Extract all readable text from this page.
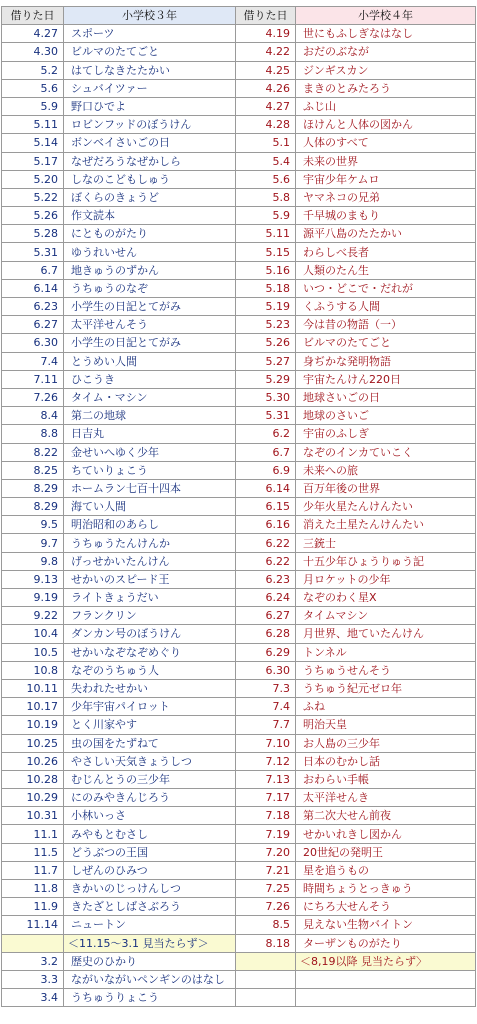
借りた日	小学校３年	借りた日	小学校４年
4.27	スポーツ	4.19	世にもふしぎなはなし
4.30	ビルマのたてごと	4.22	おだのぶなが
5.2	はてしなきたたかい	4.25	ジンギスカン
5.6	シュバイツァー	4.26	まきのとみたろう
5.9	野口ひでよ	4.27	ふじ山
5.11	ロビンフッドのぼうけん	4.28	ほけんと人体の図かん
5.14	ボンベイさいごの日	5.1	人体のすべて
5.17	なぜだろうなぜかしら	5.4	未来の世界
5.20	しなのこどもしゅう	5.6	宇宙少年ケムロ
5.22	ぼくらのきょうど	5.8	ヤマネコの兄弟
5.26	作文読本	5.9	千早城のまもり
5.28	にとものがたり	5.11	源平八島のたたかい
5.31	ゆうれいせん	5.15	わらしべ長者
6.7	地きゅうのずかん	5.16	人類のたん生
6.14	うちゅうのなぞ	5.18	いつ・どこで・だれが
6.23	小学生の日記とてがみ	5.19	くふうする人間
6.27	太平洋せんそう	5.23	今は昔の物語（一）
6.30	小学生の日記とてがみ	5.26	ビルマのたてごと
7.4	とうめい人間	5.27	身ぢかな発明物語
7.11	ひこうき	5.29	宇宙たんけん220日
7.26	タイム・マシン	5.30	地球さいごの日
8.4	第二の地球	5.31	地球のさいご
8.8	日吉丸	6.2	宇宙のふしぎ
8.22	金せいへゆく少年	6.7	なぞのインカていこく
8.25	ちていりょこう	6.9	未来への旅
8.29	ホームラン七百十四本	6.14	百万年後の世界
8.29	海てい人間	6.15	少年火星たんけんたい
9.5	明治昭和のあらし	6.16	消えた土星たんけんたい
9.7	うちゅうたんけんか	6.22	三銃士
9.8	げっせかいたんけん	6.22	十五少年ひょうりゅう記
9.13	せかいのスピード王	6.23	月ロケットの少年
9.19	ライトきょうだい	6.24	なぞのわく星X
9.22	フランクリン	6.27	タイムマシン
10.4	ダンカン号のぼうけん	6.28	月世界、地ていたんけん
10.5	せかいなぞなぞめぐり	6.29	トンネル
10.8	なぞのうちゅう人	6.30	うちゅうせんそう
10.11	失われたせかい	7.3	うちゅう紀元ゼロ年
10.17	少年宇宙パイロット	7.4	ふね
10.19	とく川家やす	7.7	明治天皇
10.25	虫の国をたずねて	7.10	お人島の三少年
10.26	やさしい天気きょうしつ	7.12	日本のむかし話
10.28	むじんとうの三少年	7.13	おわらい手帳
10.29	にのみやきんじろう	7.17	太平洋せんき
10.31	小林いっさ	7.18	第二次大せん前夜
11.1	みやもとむさし	7.19	せかいれきし図かん
11.5	どうぶつの王国	7.20	20世紀の発明王
11.7	しぜんのひみつ	7.21	星を追うもの
11.8	きかいのじっけんしつ	7.25	時間ちょうとっきゅう
11.9	きたざとしばさぶろう	7.26	にちろ大せんそう
11.14	ニュートン	8.5	見えない生物バイトン
	＜11.15〜3.1 見当たらず＞	8.18	ターザンものがたり
3.2	歴史のひかり		＜8,19以降 見当たらず〉
3.3	ながいながいペンギンのはなし		
3.4	うちゅうりょこう		
